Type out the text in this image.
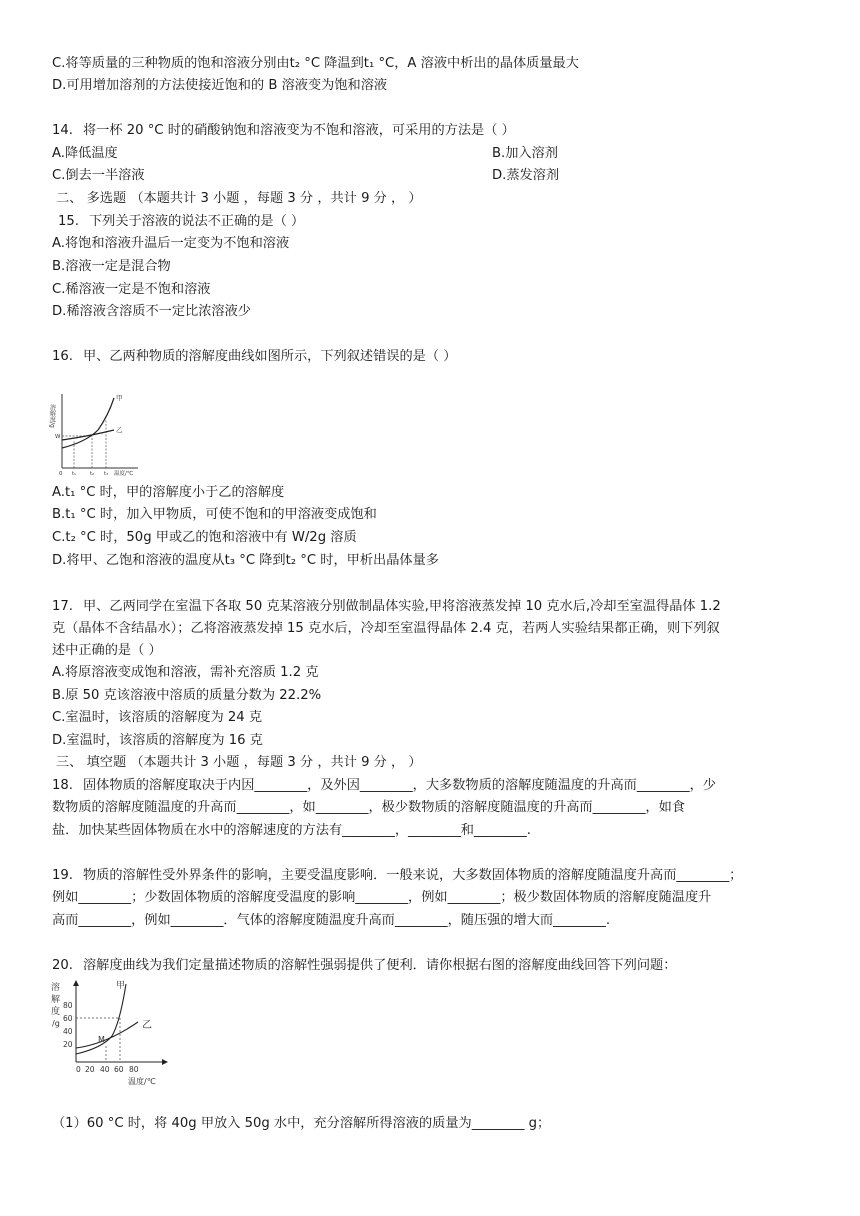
C.将等质量的三种物质的饱和溶液分别由t₂ °C 降温到t₁ °C，A 溶液中析出的晶体质量最大
D.可用增加溶剂的方法使接近饱和的 B 溶液变为饱和溶液
14. 将一杯 20 °C 时的硝酸钠饱和溶液变为不饱和溶液，可采用的方法是（ ）
A.降低温度	B.加入溶剂
C.倒去一半溶液	D.蒸发溶剂
二、 多选题 （本题共计 3 小题 ，每题 3 分 ，共计 9 分 ， ）
15. 下列关于溶液的说法不正确的是（ ）
A.将饱和溶液升温后一定变为不饱和溶液
B.溶液一定是混合物
C.稀溶液一定是不饱和溶液
D.稀溶液含溶质不一定比浓溶液少
16. 甲、乙两种物质的溶解度曲线如图所示，下列叙述错误的是（ ）
溶解度/g
W
甲
乙
0 t₁	t₂ t₃ 温度/℃
A.t₁ °C 时，甲的溶解度小于乙的溶解度
B.t₁ °C 时，加入甲物质，可使不饱和的甲溶液变成饱和
C.t₂ °C 时，50g 甲或乙的饱和溶液中有 W/2g 溶质
D.将甲、乙饱和溶液的温度从t₃ °C 降到t₂ °C 时，甲析出晶体量多
17. 甲、乙两同学在室温下各取 50 克某溶液分别做制晶体实验,甲将溶液蒸发掉 10 克水后,冷却至室温得晶体 1.2
克（晶体不含结晶水）；乙将溶液蒸发掉 15 克水后，冷却至室温得晶体 2.4 克，若两人实验结果都正确，则下列叙
述中正确的是（ ）
A.将原溶液变成饱和溶液，需补充溶质 1.2 克
B.原 50 克该溶液中溶质的质量分数为 22.2%
C.室温时，该溶质的溶解度为 24 克
D.室温时，该溶质的溶解度为 16 克
三、 填空题 （本题共计 3 小题 ，每题 3 分 ，共计 9 分 ， ）
18. 固体物质的溶解度取决于内因________，及外因________，大多数物质的溶解度随温度的升高而________，少
数物质的溶解度随温度的升高而________，如________，极少数物质的溶解度随温度的升高而________，如食
盐．加快某些固体物质在水中的溶解速度的方法有________，________和________.
19. 物质的溶解性受外界条件的影响，主要受温度影响．一般来说，大多数固体物质的溶解度随温度升高而________；
例如________；少数固体物质的溶解度受温度的影响________，例如________；极少数固体物质的溶解度随温度升
高而________，例如________．气体的溶解度随温度升高而________，随压强的增大而________.
20. 溶解度曲线为我们定量描述物质的溶解性强弱提供了便利．请你根据右图的溶解度曲线回答下列问题：
溶
解
度
/g
80
60
40
20
甲
乙
M
0 20 40 60 80
温度/℃
（1）60 °C 时，将 40g 甲放入 50g 水中，充分溶解所得溶液的质量为________ g；
